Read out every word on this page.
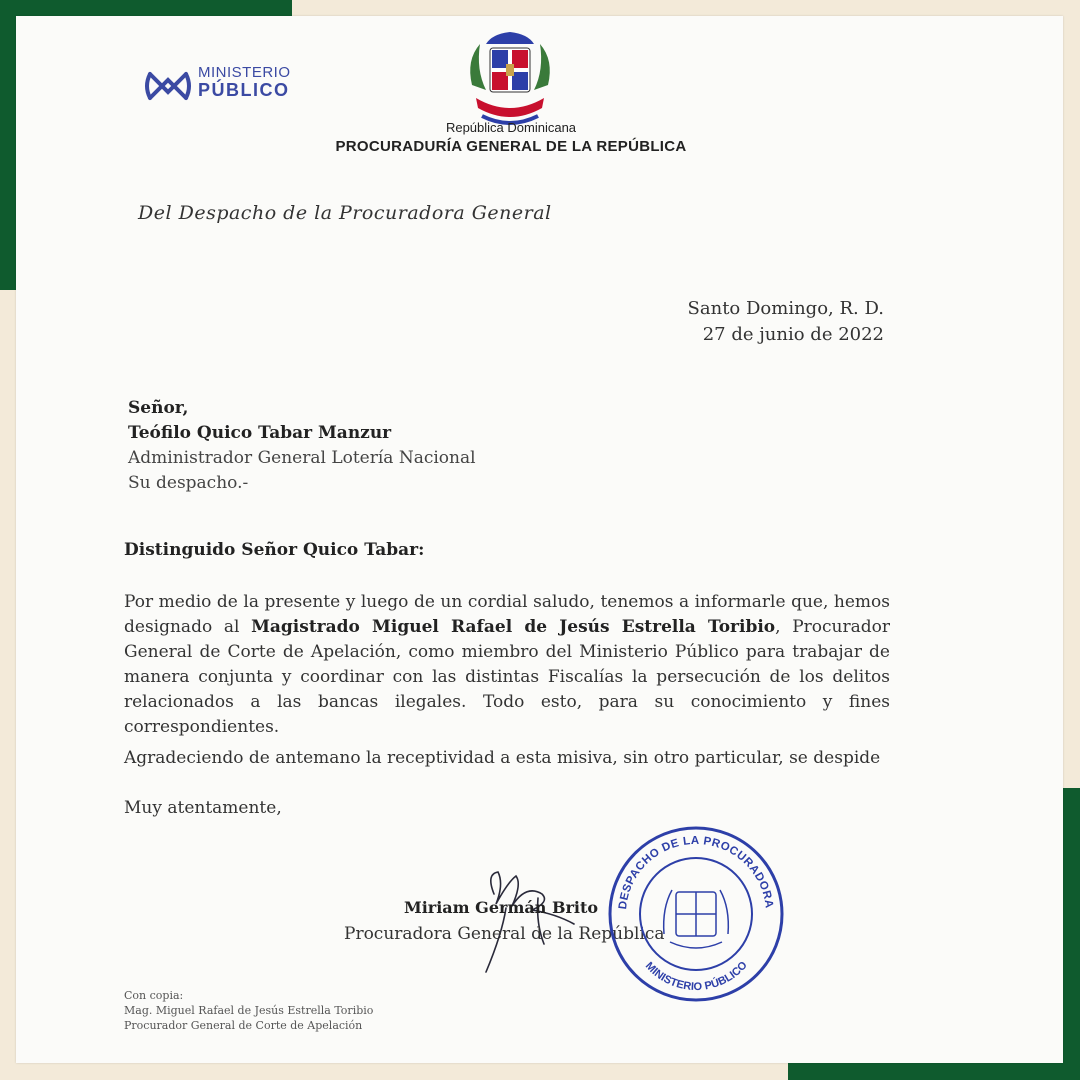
MINISTERIO
PÚBLICO
República Dominicana
PROCURADURÍA GENERAL DE LA REPÚBLICA
Del Despacho de la Procuradora General
Santo Domingo, R. D.
27 de junio de 2022
Señor,
Teófilo Quico Tabar Manzur
Administrador General Lotería Nacional
Su despacho.-
Distinguido Señor Quico Tabar:
Por medio de la presente y luego de un cordial saludo, tenemos a informarle que, hemos designado al Magistrado Miguel Rafael de Jesús Estrella Toribio, Procurador General de Corte de Apelación, como miembro del Ministerio Público para trabajar de manera conjunta y coordinar con las distintas Fiscalías la persecución de los delitos relacionados a las bancas ilegales. Todo esto, para su conocimiento y fines correspondientes.
Agradeciendo de antemano la receptividad a esta misiva, sin otro particular, se despide
Muy atentamente,
Miriam Germán Brito
Procuradora General de la República
DESPACHO DE LA PROCURADORA
MINISTERIO PÚBLICO
Con copia:
Mag. Miguel Rafael de Jesús Estrella Toribio
Procurador General de Corte de Apelación
